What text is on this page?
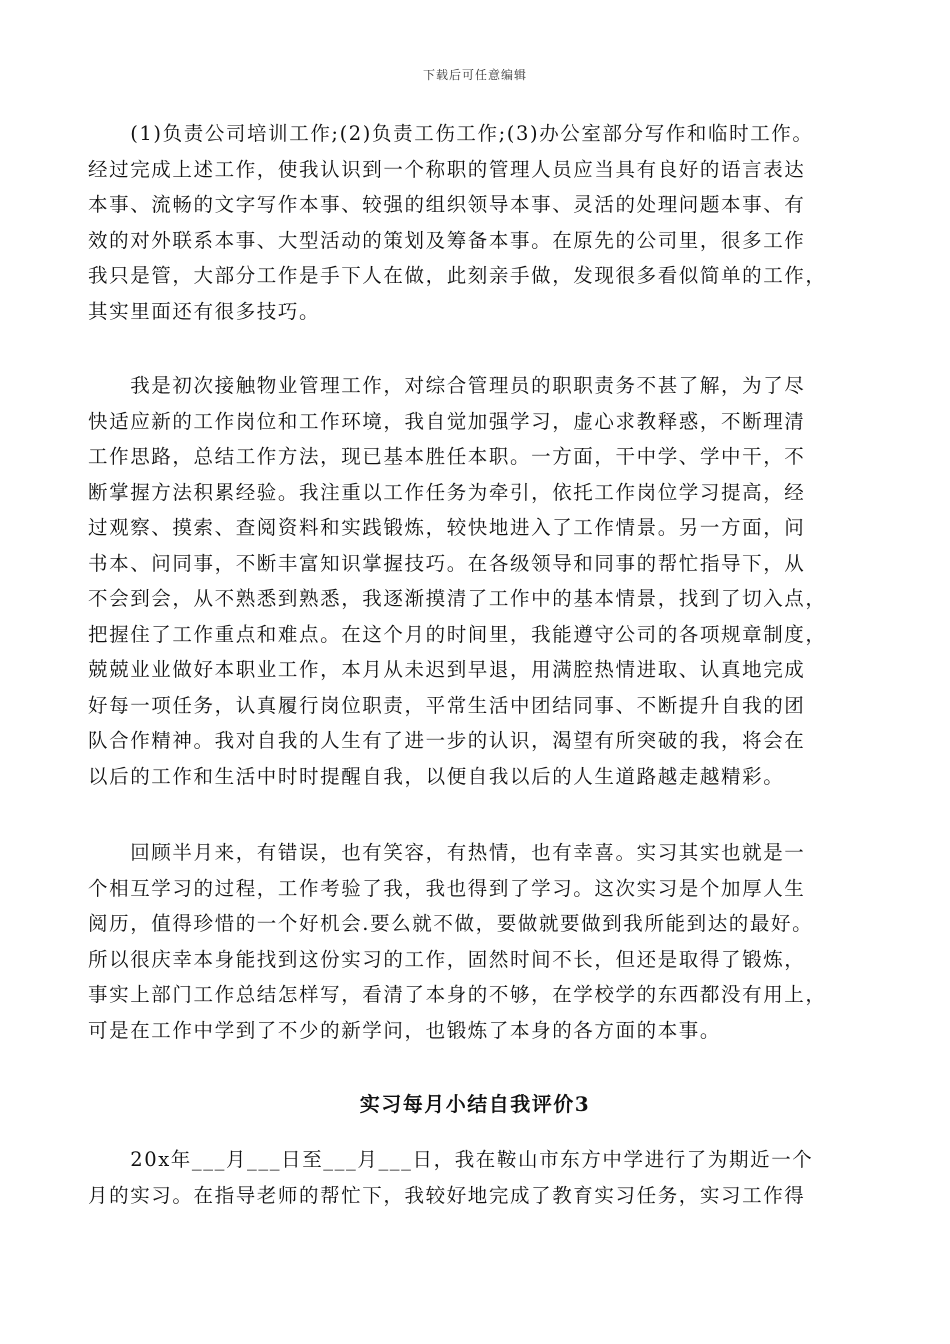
下载后可任意编辑
　　(1)负责公司培训工作;(2)负责工伤工作;(3)办公室部分写作和临时工作。
经过完成上述工作，使我认识到一个称职的管理人员应当具有良好的语言表达
本事、流畅的文字写作本事、较强的组织领导本事、灵活的处理问题本事、有
效的对外联系本事、大型活动的策划及筹备本事。在原先的公司里，很多工作
我只是管，大部分工作是手下人在做，此刻亲手做，发现很多看似简单的工作，
其实里面还有很多技巧。
　　我是初次接触物业管理工作，对综合管理员的职职责务不甚了解，为了尽
快适应新的工作岗位和工作环境，我自觉加强学习，虚心求教释惑，不断理清
工作思路，总结工作方法，现已基本胜任本职。一方面，干中学、学中干，不
断掌握方法积累经验。我注重以工作任务为牵引，依托工作岗位学习提高，经
过观察、摸索、查阅资料和实践锻炼，较快地进入了工作情景。另一方面，问
书本、问同事，不断丰富知识掌握技巧。在各级领导和同事的帮忙指导下，从
不会到会，从不熟悉到熟悉，我逐渐摸清了工作中的基本情景，找到了切入点，
把握住了工作重点和难点。在这个月的时间里，我能遵守公司的各项规章制度，
兢兢业业做好本职业工作，本月从未迟到早退，用满腔热情进取、认真地完成
好每一项任务，认真履行岗位职责，平常生活中团结同事、不断提升自我的团
队合作精神。我对自我的人生有了进一步的认识，渴望有所突破的我，将会在
以后的工作和生活中时时提醒自我，以便自我以后的人生道路越走越精彩。
　　回顾半月来，有错误，也有笑容，有热情，也有幸喜。实习其实也就是一
个相互学习的过程，工作考验了我，我也得到了学习。这次实习是个加厚人生
阅历，值得珍惜的一个好机会.要么就不做，要做就要做到我所能到达的最好。
所以很庆幸本身能找到这份实习的工作，固然时间不长，但还是取得了锻炼，
事实上部门工作总结怎样写，看清了本身的不够，在学校学的东西都没有用上，
可是在工作中学到了不少的新学问，也锻炼了本身的各方面的本事。
实习每月小结自我评价3
　　20x年___月___日至___月___日，我在鞍山市东方中学进行了为期近一个
月的实习。在指导老师的帮忙下，我较好地完成了教育实习任务，实习工作得
